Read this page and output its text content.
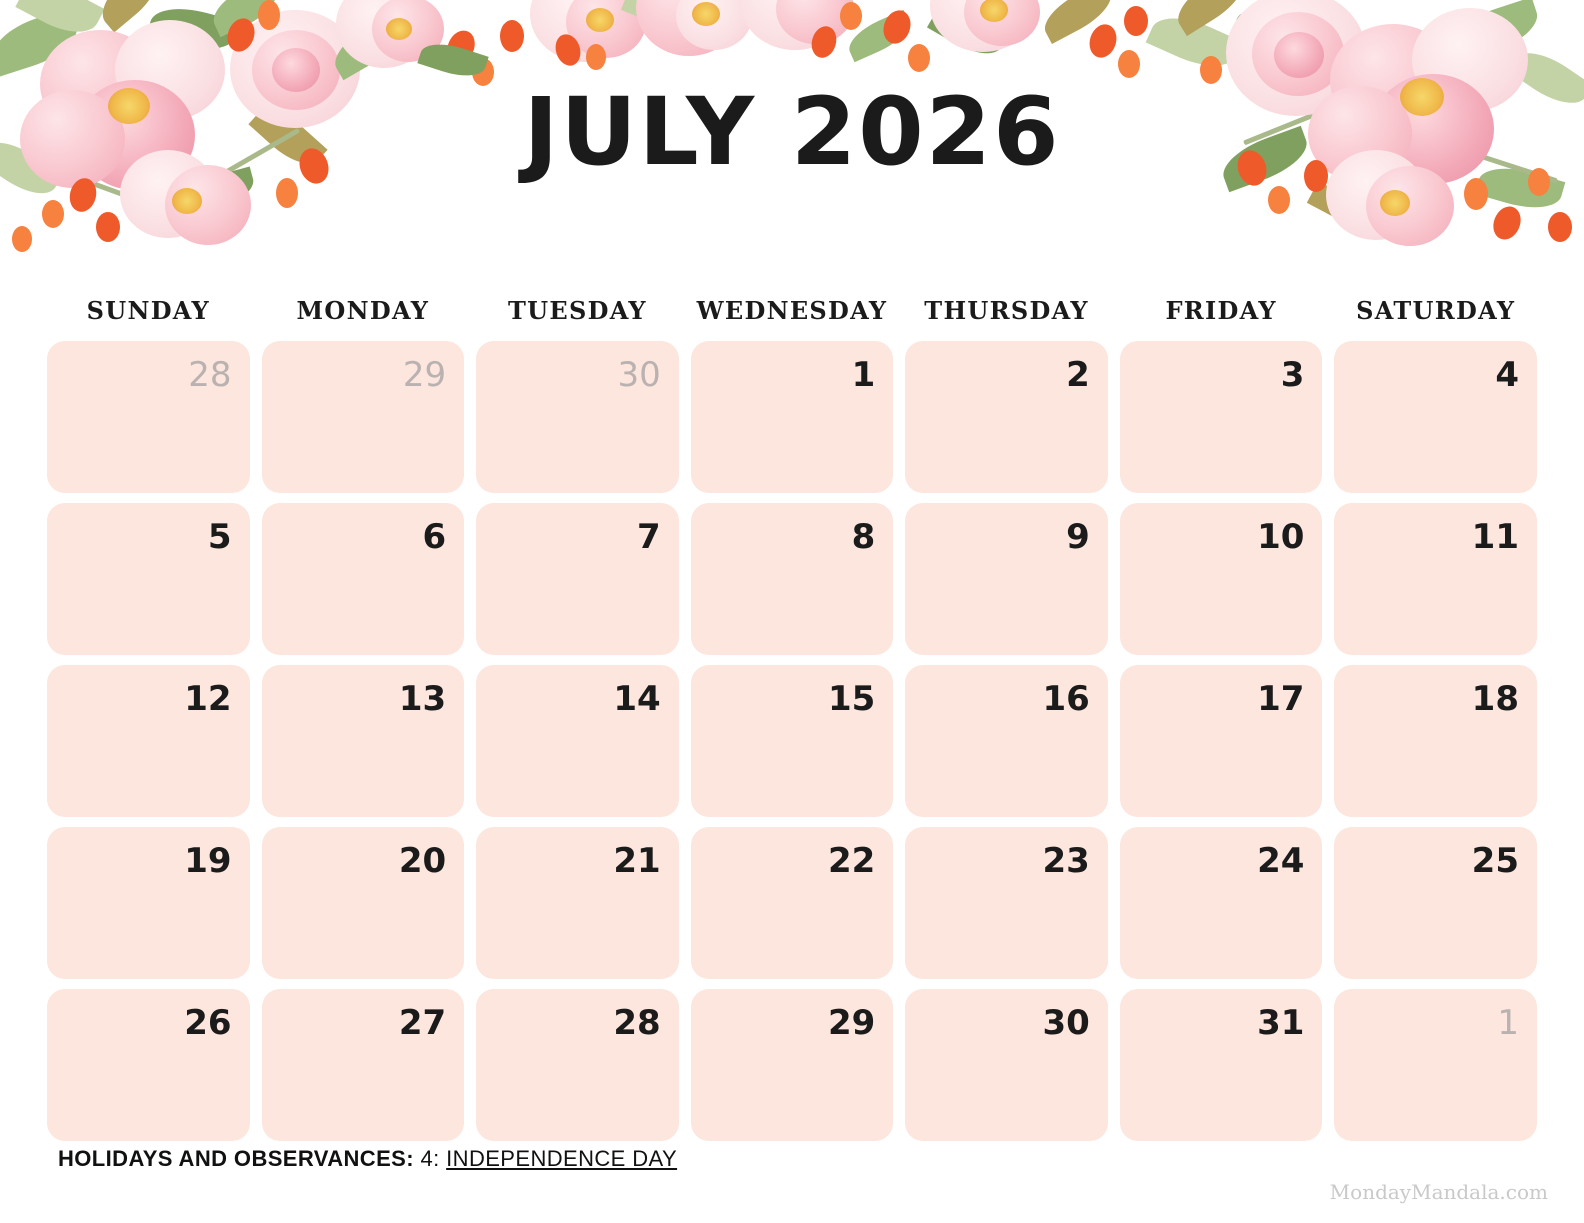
JULY 2026
SUNDAY	MONDAY	TUESDAY	WEDNESDAY	THURSDAY	FRIDAY	SATURDAY
28	29	30	1	2	3	4
5	6	7	8	9	10	11
12	13	14	15	16	17	18
19	20	21	22	23	24	25
26	27	28	29	30	31	1
HOLIDAYS AND OBSERVANCES: 4: INDEPENDENCE DAY
MondayMandala.com
